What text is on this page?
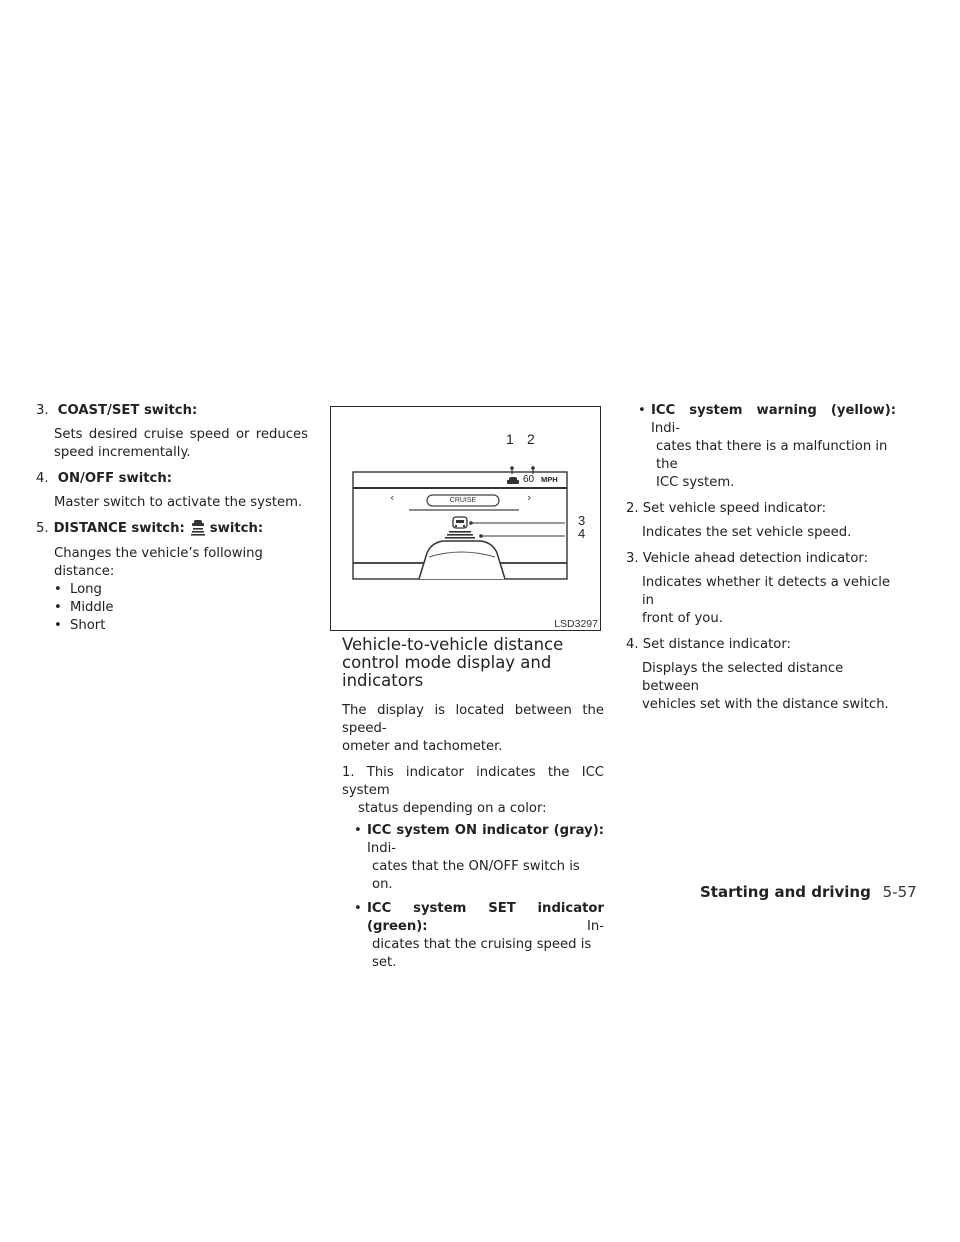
3. COAST/SET switch:
Sets desired cruise speed or reduces
speed incrementally.
4. ON/OFF switch:
Master switch to activate the system.
5. DISTANCE switch: switch:
Changes the vehicle’s following
distance:
• Long
• Middle
• Short
1 2
60 MPH
‹	›
CRUISE
3
4
LSD3297
Vehicle-to-vehicle distance
control mode display and
indicators
The display is located between the speed-
ometer and tachometer.
1. This indicator indicates the ICC system
status depending on a color:
• ICC system ON indicator (gray): Indi-
cates that the ON/OFF switch is on.
• ICC system SET indicator (green):	In-
dicates that the cruising speed is set.
• ICC system warning (yellow): Indi-
cates that there is a malfunction in the
ICC system.
2. Set vehicle speed indicator:
Indicates the set vehicle speed.
3. Vehicle ahead detection indicator:
Indicates whether it detects a vehicle in
front of you.
4. Set distance indicator:
Displays the selected distance between
vehicles set with the distance switch.
Starting and driving 5-57
